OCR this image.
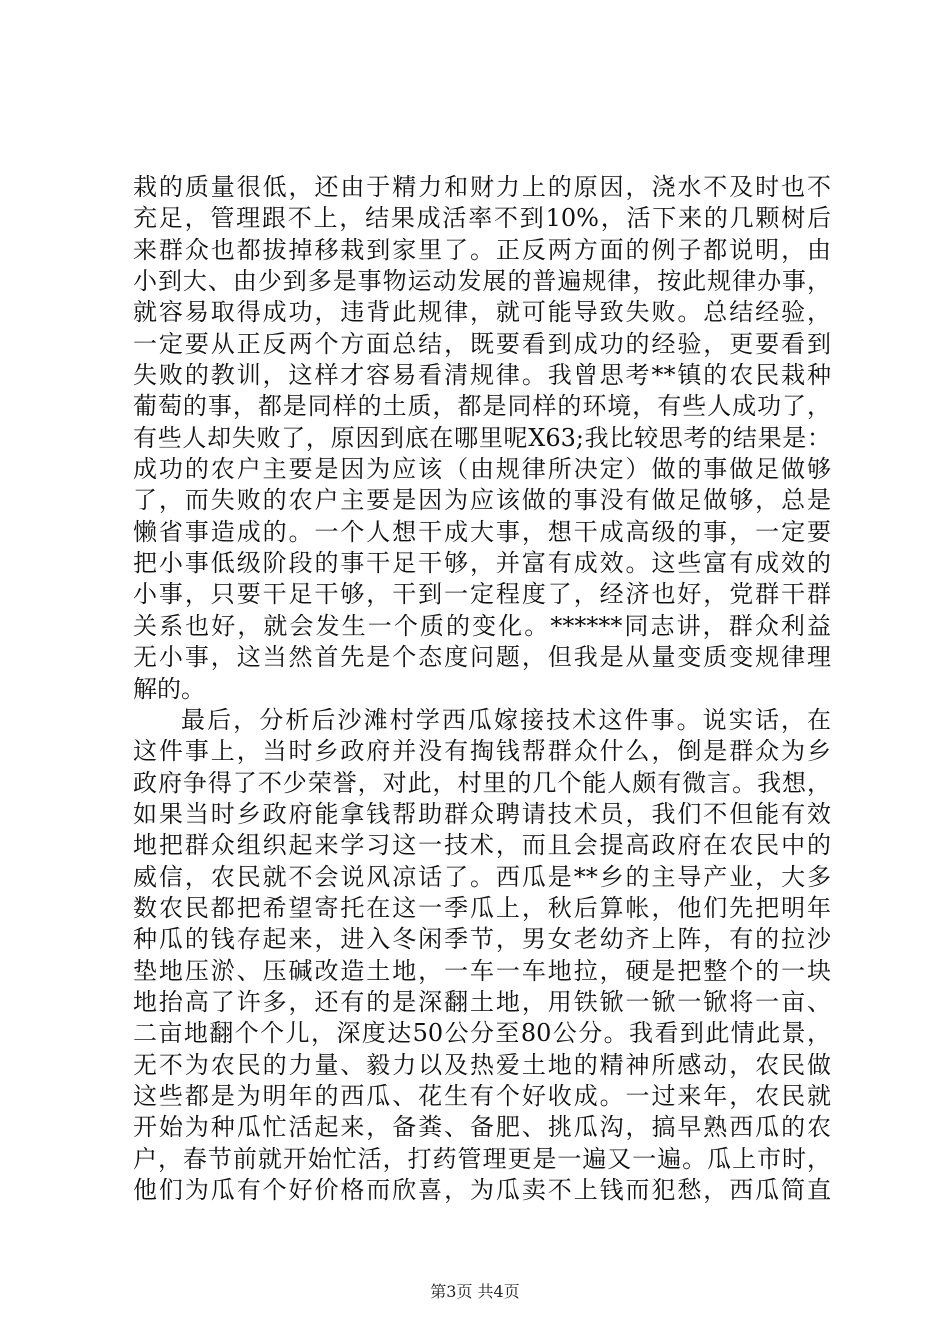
栽的质量很低，还由于精力和财力上的原因，浇水不及时也不
充足，管理跟不上，结果成活率不到10%，活下来的几颗树后
来群众也都拔掉移栽到家里了。正反两方面的例子都说明，由
小到大、由少到多是事物运动发展的普遍规律，按此规律办事，
就容易取得成功，违背此规律，就可能导致失败。总结经验，
一定要从正反两个方面总结，既要看到成功的经验，更要看到
失败的教训，这样才容易看清规律。我曾思考**镇的农民栽种
葡萄的事，都是同样的土质，都是同样的环境，有些人成功了，
有些人却失败了，原因到底在哪里呢X63;我比较思考的结果是：
成功的农户主要是因为应该（由规律所决定）做的事做足做够
了，而失败的农户主要是因为应该做的事没有做足做够，总是
懒省事造成的。一个人想干成大事，想干成高级的事，一定要
把小事低级阶段的事干足干够，并富有成效。这些富有成效的
小事，只要干足干够，干到一定程度了，经济也好，党群干群
关系也好，就会发生一个质的变化。******同志讲，群众利益
无小事，这当然首先是个态度问题，但我是从量变质变规律理
解的。
最后，分析后沙滩村学西瓜嫁接技术这件事。说实话，在
这件事上，当时乡政府并没有掏钱帮群众什么，倒是群众为乡
政府争得了不少荣誉，对此，村里的几个能人颇有微言。我想，
如果当时乡政府能拿钱帮助群众聘请技术员，我们不但能有效
地把群众组织起来学习这一技术，而且会提高政府在农民中的
威信，农民就不会说风凉话了。西瓜是**乡的主导产业，大多
数农民都把希望寄托在这一季瓜上，秋后算帐，他们先把明年
种瓜的钱存起来，进入冬闲季节，男女老幼齐上阵，有的拉沙
垫地压淤、压碱改造土地，一车一车地拉，硬是把整个的一块
地抬高了许多，还有的是深翻土地，用铁锨一锨一锨将一亩、
二亩地翻个个儿，深度达50公分至80公分。我看到此情此景，
无不为农民的力量、毅力以及热爱土地的精神所感动，农民做
这些都是为明年的西瓜、花生有个好收成。一过来年，农民就
开始为种瓜忙活起来，备粪、备肥、挑瓜沟，搞早熟西瓜的农
户，春节前就开始忙活，打药管理更是一遍又一遍。瓜上市时，
他们为瓜有个好价格而欣喜，为瓜卖不上钱而犯愁，西瓜简直
第3页 共4页
